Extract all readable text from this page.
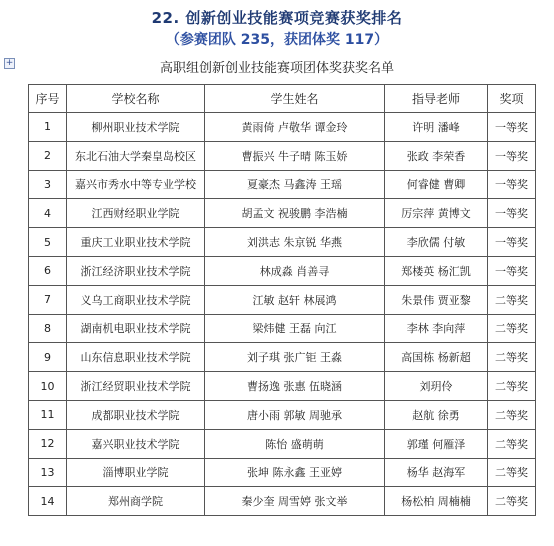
22. 创新创业技能赛项竞赛获奖排名
（参赛团队 235，获团体奖 117）
+	高职组创新创业技能赛项团体奖获奖名单
序号	学校名称	学生姓名	指导老师	奖项
1	柳州职业技术学院	黄雨倚 卢敬华 谭金玲	许明 潘峰	一等奖
2	东北石油大学秦皇岛校区	曹振兴 牛子晴 陈玉娇	张政 李荣香	一等奖
3	嘉兴市秀水中等专业学校	夏豪杰 马鑫涛 王瑶	何睿健 曹卿	一等奖
4	江西财经职业学院	胡孟文 祝骏鹏 李浩楠	厉宗萍 黄博文	一等奖
5	重庆工业职业技术学院	刘洪志 朱京锐 华燕	李欣儒 付敏	一等奖
6	浙江经济职业技术学院	林成淼 肖善寻	郑楼英 杨汇凯	一等奖
7	义乌工商职业技术学院	江敏 赵轩 林展鸿	朱景伟 贾亚黎	二等奖
8	湖南机电职业技术学院	梁炜健 王磊 向江	李林 李向萍	二等奖
9	山东信息职业技术学院	刘子琪 张广钜 王淼	高国栋 杨新超	二等奖
10	浙江经贸职业技术学院	曹扬逸 张惠 伍晓涵	刘玥伶	二等奖
11	成都职业技术学院	唐小雨 郭敏 周驰承	赵航 徐勇	二等奖
12	嘉兴职业技术学院	陈怡 盛萌萌	郭瑾 何雁泽	二等奖
13	淄博职业学院	张坤 陈永鑫 王亚婷	杨华 赵海军	二等奖
14	郑州商学院	秦少奎 周雪婷 张文举	杨松柏 周楠楠	二等奖
